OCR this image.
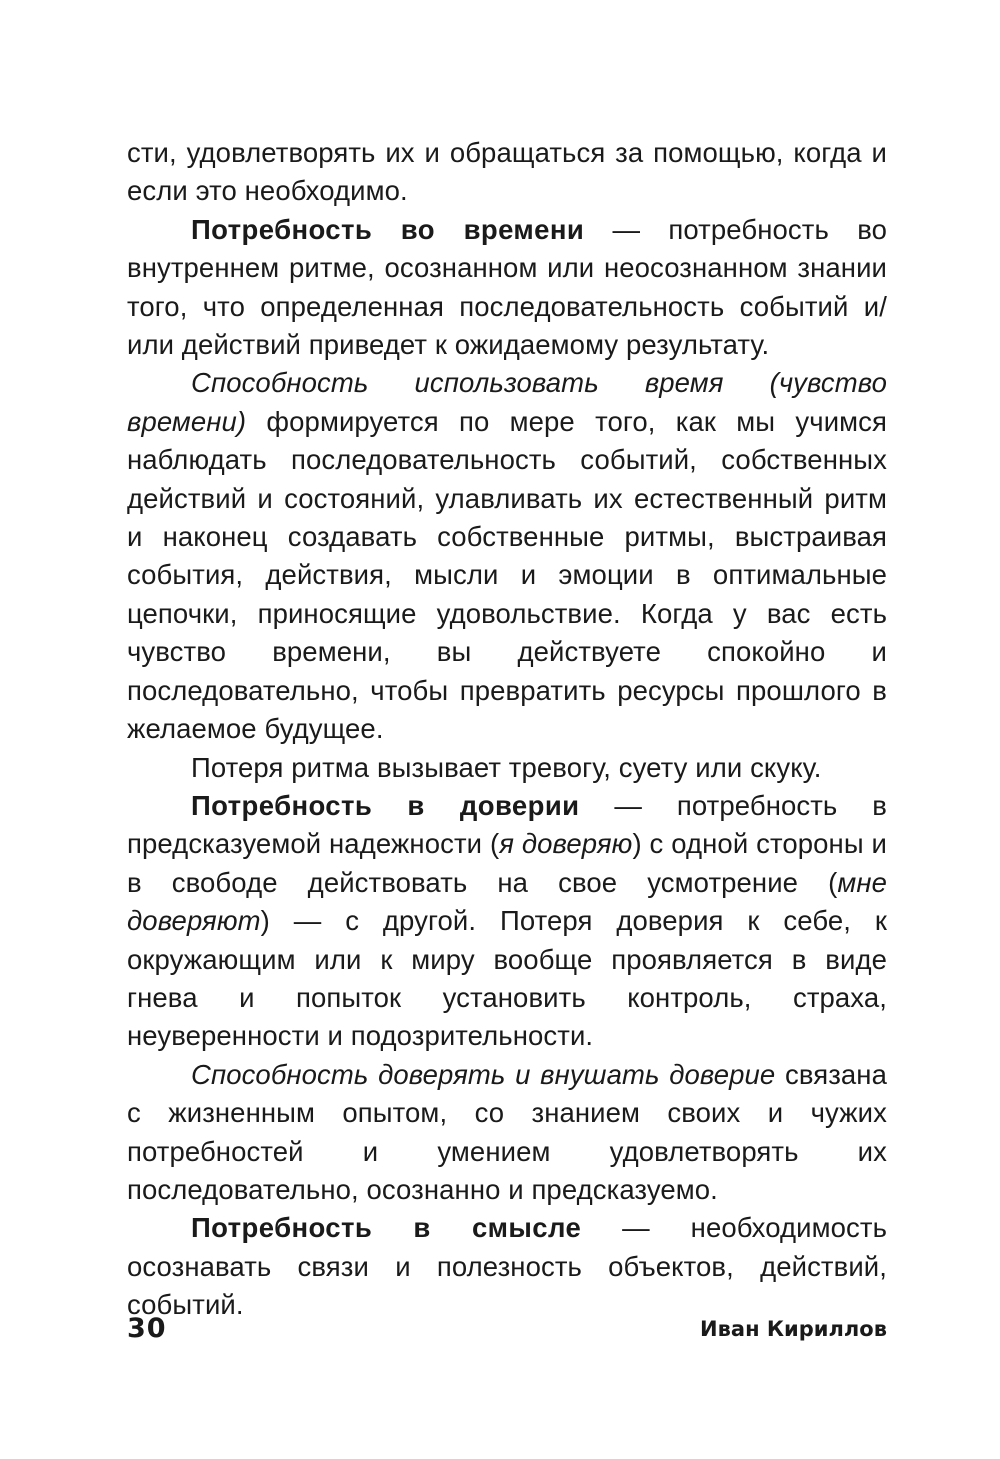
сти, удовлетворять их и обращаться за помощью, когда и если это необходимо.

Потребность во времени — потребность во внутреннем ритме, осознанном или неосознанном знании того, что определенная последовательность событий и/или действий приведет к ожидаемому результату.

Способность использовать время (чувство времени) формируется по мере того, как мы учимся наблюдать последовательность событий, собственных действий и состояний, улавливать их естественный ритм и наконец создавать собственные ритмы, выстраивая события, действия, мысли и эмоции в оптимальные цепочки, приносящие удовольствие. Когда у вас есть чувство времени, вы действуете спокойно и последовательно, чтобы превратить ресурсы прошлого в желаемое будущее.

Потеря ритма вызывает тревогу, суету или скуку.

Потребность в доверии — потребность в предсказуемой надежности (я доверяю) с одной стороны и в свободе действовать на свое усмотрение (мне доверяют) — с другой. Потеря доверия к себе, к окружающим или к миру вообще проявляется в виде гнева и попыток установить контроль, страха, неуверенности и подозрительности.

Способность доверять и внушать доверие связана с жизненным опытом, со знанием своих и чужих потребностей и умением удовлетворять их последовательно, осознанно и предсказуемо.

Потребность в смысле — необходимость осознавать связи и полезность объектов, действий, событий.

30	Иван Кириллов
